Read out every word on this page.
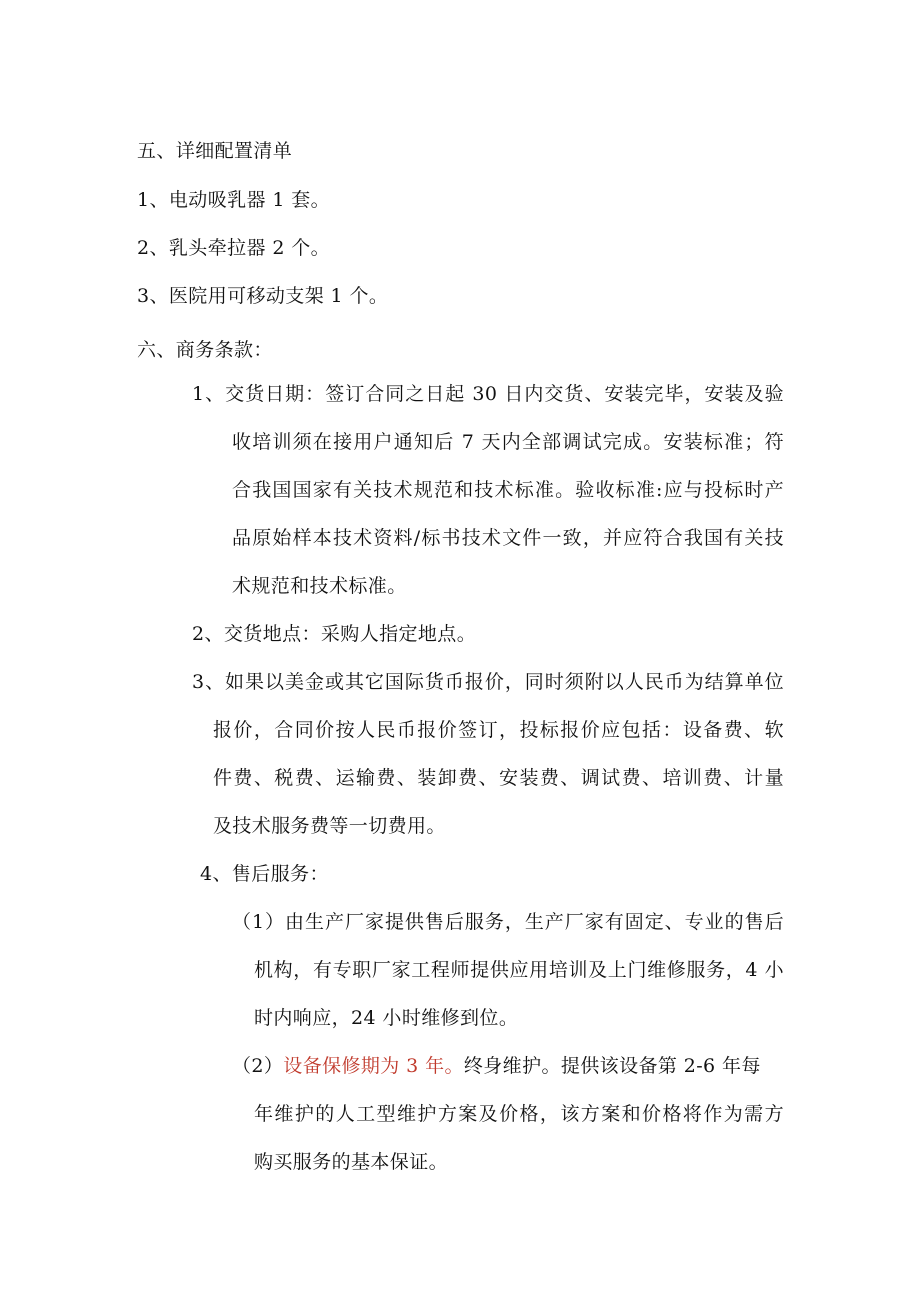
五、详细配置清单
1、电动吸乳器 1 套。
2、乳头牵拉器 2 个。
3、医院用可移动支架 1 个。
六、商务条款：
1、交货日期：签订合同之日起 30 日内交货、安装完毕，安装及验
收培训须在接用户通知后 7 天内全部调试完成。安装标准；符
合我国国家有关技术规范和技术标准。验收标准:应与投标时产
品原始样本技术资料/标书技术文件一致，并应符合我国有关技
术规范和技术标准。
2、交货地点：采购人指定地点。
3、如果以美金或其它国际货币报价，同时须附以人民币为结算单位
报价，合同价按人民币报价签订，投标报价应包括：设备费、软
件费、税费、运输费、装卸费、安装费、调试费、培训费、计量
及技术服务费等一切费用。
4、售后服务：
（1）由生产厂家提供售后服务，生产厂家有固定、专业的售后
机构，有专职厂家工程师提供应用培训及上门维修服务，4 小
时内响应，24 小时维修到位。
（2）设备保修期为 3 年。终身维护。提供该设备第 2-6 年每
年维护的人工型维护方案及价格，该方案和价格将作为需方
购买服务的基本保证。
